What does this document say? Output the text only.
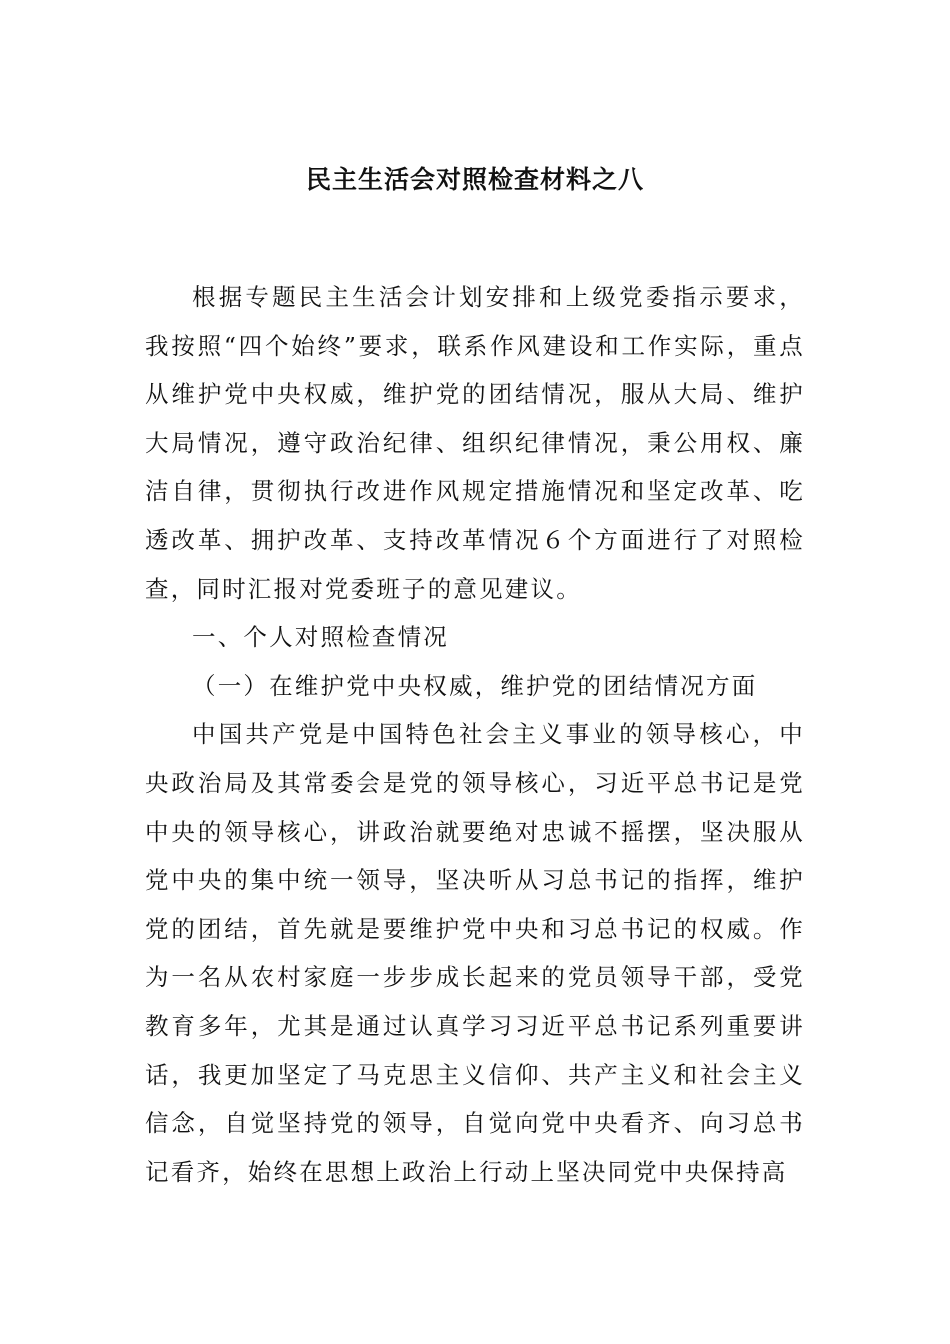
民主生活会对照检查材料之八

根据专题民主生活会计划安排和上级党委指示要求，我按照“四个始终”要求，联系作风建设和工作实际，重点从维护党中央权威，维护党的团结情况，服从大局、维护大局情况，遵守政治纪律、组织纪律情况，秉公用权、廉洁自律，贯彻执行改进作风规定措施情况和坚定改革、吃透改革、拥护改革、支持改革情况６个方面进行了对照检查，同时汇报对党委班子的意见建议。

一、个人对照检查情况

（一）在维护党中央权威，维护党的团结情况方面

中国共产党是中国特色社会主义事业的领导核心，中央政治局及其常委会是党的领导核心，习近平总书记是党中央的领导核心，讲政治就要绝对忠诚不摇摆，坚决服从党中央的集中统一领导，坚决听从习总书记的指挥，维护党的团结，首先就是要维护党中央和习总书记的权威。作为一名从农村家庭一步步成长起来的党员领导干部，受党教育多年，尤其是通过认真学习习近平总书记系列重要讲话，我更加坚定了马克思主义信仰、共产主义和社会主义信念，自觉坚持党的领导，自觉向党中央看齐、向习总书记看齐，始终在思想上政治上行动上坚决同党中央保持高
